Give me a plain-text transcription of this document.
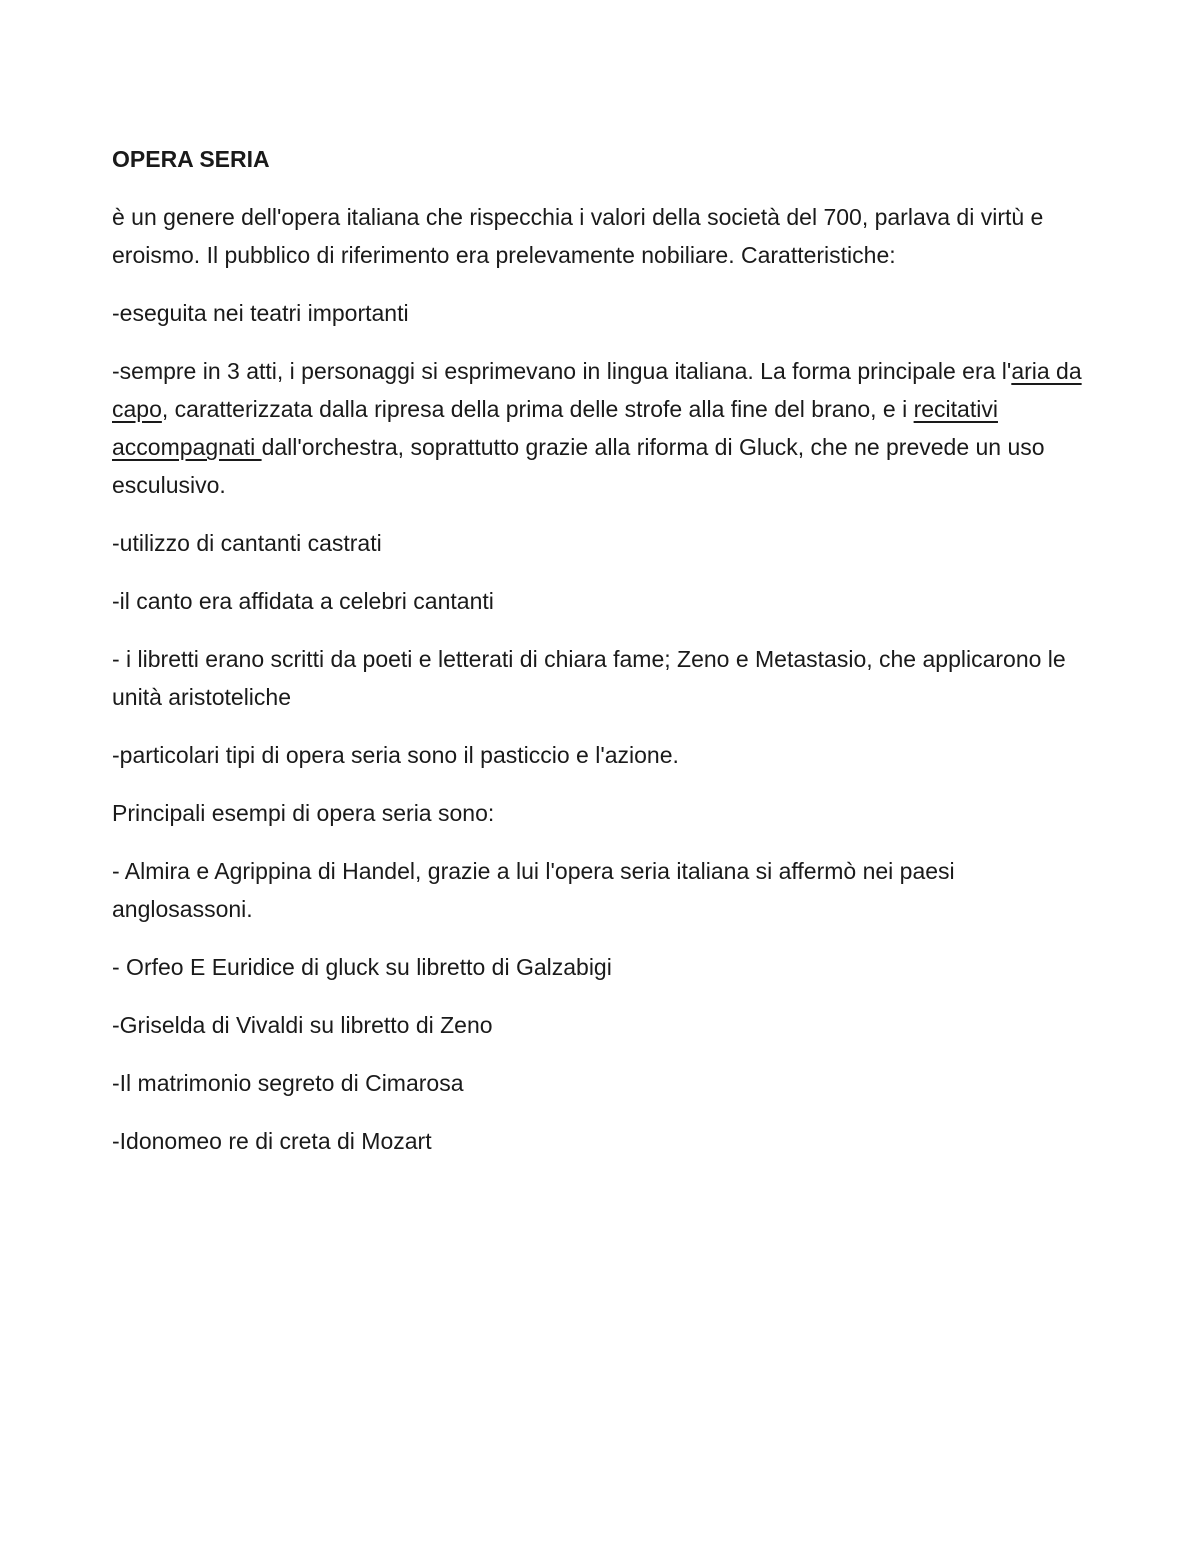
OPERA SERIA

è un genere dell'opera italiana che rispecchia i valori della società del 700, parlava di virtù e eroismo. Il pubblico di riferimento era prelevamente nobiliare. Caratteristiche:

-eseguita nei teatri importanti

-sempre in 3 atti, i personaggi si esprimevano in lingua italiana. La forma principale era l'aria da capo, caratterizzata dalla ripresa della prima delle strofe alla fine del brano, e i recitativi accompagnati dall'orchestra, soprattutto grazie alla riforma di Gluck, che ne prevede un uso esculusivo.

-utilizzo di cantanti castrati

-il canto era affidata a celebri cantanti

- i libretti erano scritti da poeti e letterati di chiara fame; Zeno e Metastasio, che applicarono le unità aristoteliche

-particolari tipi di opera seria sono il pasticcio e l'azione.

Principali esempi di opera seria sono:

- Almira e Agrippina di Handel, grazie a lui l'opera seria italiana si affermò nei paesi anglosassoni.

- Orfeo E Euridice di gluck su libretto di Galzabigi

-Griselda di Vivaldi su libretto di Zeno

-Il matrimonio segreto di Cimarosa

-Idonomeo re di creta di Mozart
